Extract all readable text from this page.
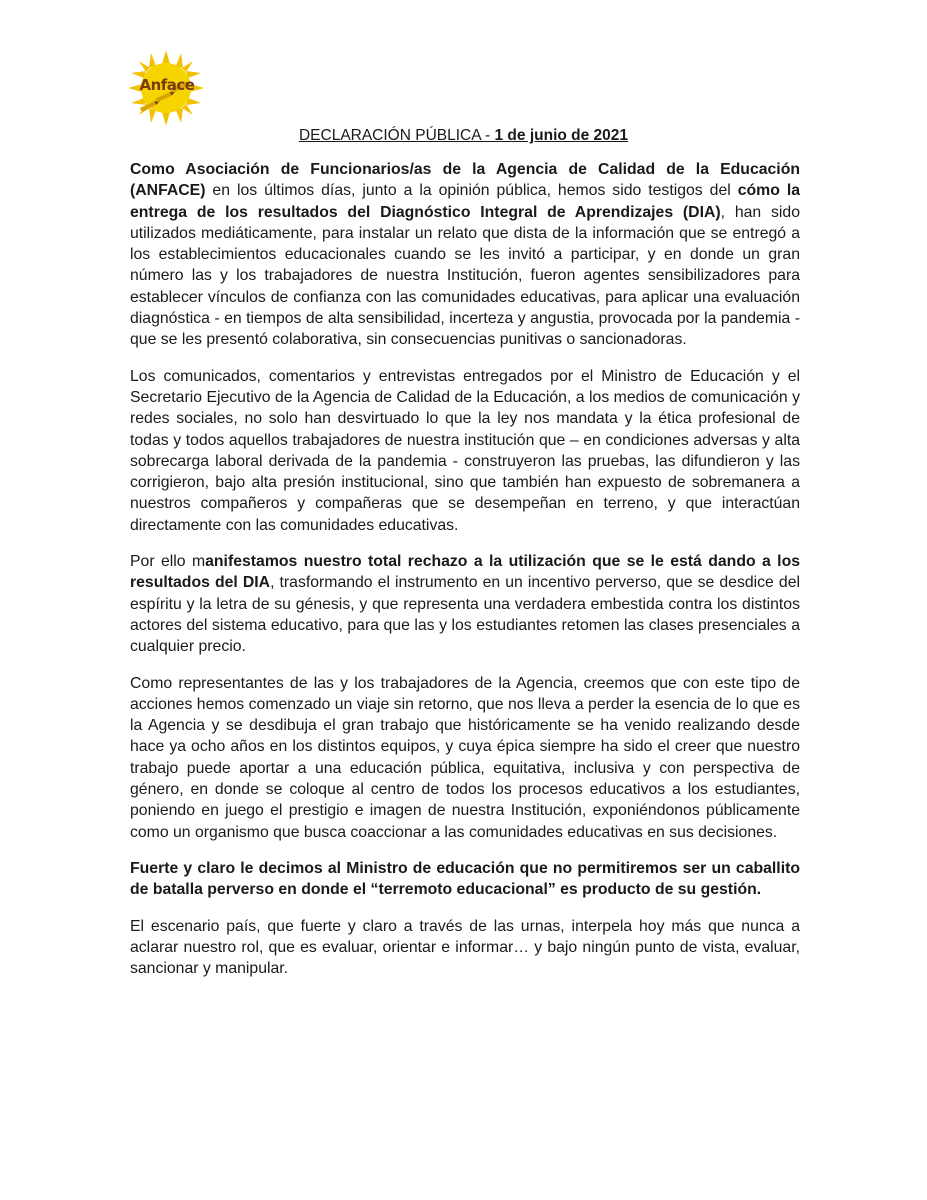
Anface
DECLARACIÓN PÚBLICA - 1 de junio de 2021

Como Asociación de Funcionarios/as de la Agencia de Calidad de la Educación (ANFACE) en los últimos días, junto a la opinión pública, hemos sido testigos del cómo la entrega de los resultados del Diagnóstico Integral de Aprendizajes (DIA), han sido utilizados mediáticamente, para instalar un relato que dista de la información que se entregó a los establecimientos educacionales cuando se les invitó a participar, y en donde un gran número las y los trabajadores de nuestra Institución, fueron agentes sensibilizadores para establecer vínculos de confianza con las comunidades educativas, para aplicar una evaluación diagnóstica - en tiempos de alta sensibilidad, incerteza y angustia, provocada por la pandemia - que se les presentó colaborativa, sin consecuencias punitivas o sancionadoras.

Los comunicados, comentarios y entrevistas entregados por el Ministro de Educación y el Secretario Ejecutivo de la Agencia de Calidad de la Educación, a los medios de comunicación y redes sociales, no solo han desvirtuado lo que la ley nos mandata y la ética profesional de todas y todos aquellos trabajadores de nuestra institución que – en condiciones adversas y alta sobrecarga laboral derivada de la pandemia - construyeron las pruebas, las difundieron y las corrigieron, bajo alta presión institucional, sino que también han expuesto de sobremanera a nuestros compañeros y compañeras que se desempeñan en terreno, y que interactúan directamente con las comunidades educativas.

Por ello manifestamos nuestro total rechazo a la utilización que se le está dando a los resultados del DIA, trasformando el instrumento en un incentivo perverso, que se desdice del espíritu y la letra de su génesis, y que representa una verdadera embestida contra los distintos actores del sistema educativo, para que las y los estudiantes retomen las clases presenciales a cualquier precio.

Como representantes de las y los trabajadores de la Agencia, creemos que con este tipo de acciones hemos comenzado un viaje sin retorno, que nos lleva a perder la esencia de lo que es la Agencia y se desdibuja el gran trabajo que históricamente se ha venido realizando desde hace ya ocho años en los distintos equipos, y cuya épica siempre ha sido el creer que nuestro trabajo puede aportar a una educación pública, equitativa, inclusiva y con perspectiva de género, en donde se coloque al centro de todos los procesos educativos a los estudiantes, poniendo en juego el prestigio e imagen de nuestra Institución, exponiéndonos públicamente como un organismo que busca coaccionar a las comunidades educativas en sus decisiones.

Fuerte y claro le decimos al Ministro de educación que no permitiremos ser un caballito de batalla perverso en donde el “terremoto educacional” es producto de su gestión.

El escenario país, que fuerte y claro a través de las urnas, interpela hoy más que nunca a aclarar nuestro rol, que es evaluar, orientar e informar… y bajo ningún punto de vista, evaluar, sancionar y manipular.
